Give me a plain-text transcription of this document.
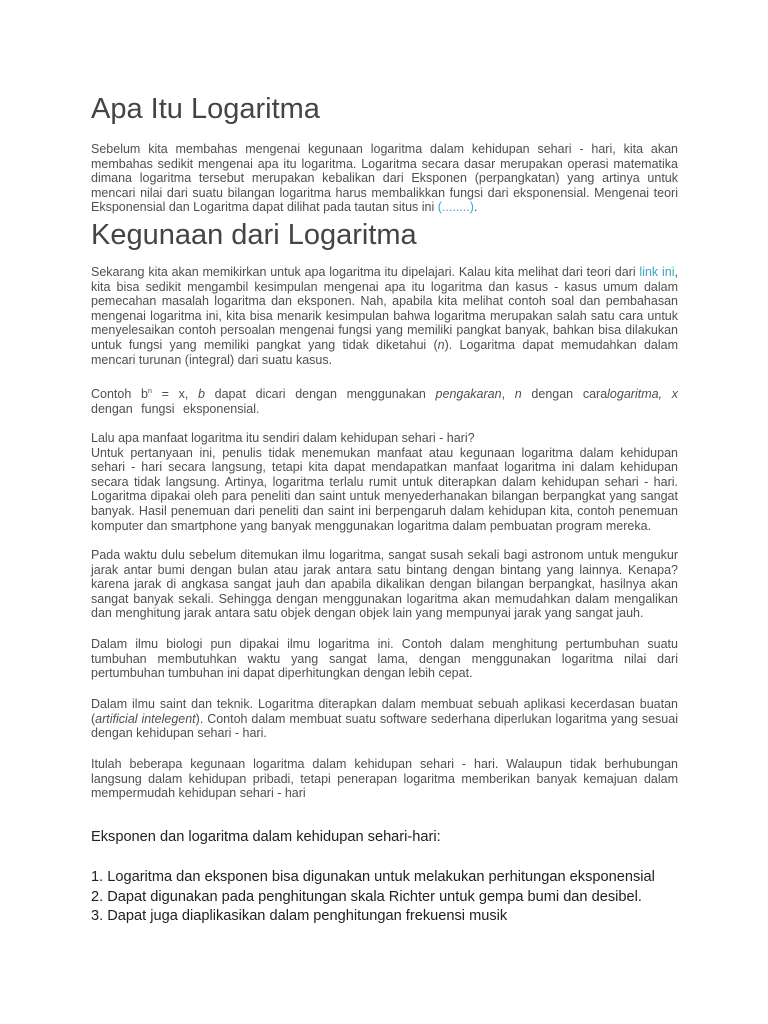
Apa Itu Logaritma

Sebelum kita membahas mengenai kegunaan logaritma dalam kehidupan sehari - hari, kita akan membahas sedikit mengenai apa itu logaritma. Logaritma secara dasar merupakan operasi matematika dimana logaritma tersebut merupakan kebalikan dari Eksponen (perpangkatan) yang artinya untuk mencari nilai dari suatu bilangan logaritma harus membalikkan fungsi dari eksponensial. Mengenai teori Eksponensial dan Logaritma dapat dilihat pada tautan situs ini (........).

Kegunaan dari Logaritma

Sekarang kita akan memikirkan untuk apa logaritma itu dipelajari. Kalau kita melihat dari teori dari link ini, kita bisa sedikit mengambil kesimpulan mengenai apa itu logaritma dan kasus - kasus umum dalam pemecahan masalah logaritma dan eksponen. Nah, apabila kita melihat contoh soal dan pembahasan mengenai logaritma ini, kita bisa menarik kesimpulan bahwa logaritma merupakan salah satu cara untuk menyelesaikan contoh persoalan mengenai fungsi yang memiliki pangkat banyak, bahkan bisa dilakukan untuk fungsi yang memiliki pangkat yang tidak diketahui (n). Logaritma dapat memudahkan dalam mencari turunan (integral) dari suatu kasus.

Contoh $b^n = x$, b dapat dicari dengan menggunakan pengakaran, n dengan caralogaritma, x dengan fungsi eksponensial.

Lalu apa manfaat logaritma itu sendiri dalam kehidupan sehari - hari?

Untuk pertanyaan ini, penulis tidak menemukan manfaat atau kegunaan logaritma dalam kehidupan sehari - hari secara langsung, tetapi kita dapat mendapatkan manfaat logaritma ini dalam kehidupan secara tidak langsung. Artinya, logaritma terlalu rumit untuk diterapkan dalam kehidupan sehari - hari. Logaritma dipakai oleh para peneliti dan saint untuk menyederhanakan bilangan berpangkat yang sangat banyak. Hasil penemuan dari peneliti dan saint ini berpengaruh dalam kehidupan kita, contoh penemuan komputer dan smartphone yang banyak menggunakan logaritma dalam pembuatan program mereka.

Pada waktu dulu sebelum ditemukan ilmu logaritma, sangat susah sekali bagi astronom untuk mengukur jarak antar bumi dengan bulan atau jarak antara satu bintang dengan bintang yang lainnya. Kenapa? karena jarak di angkasa sangat jauh dan apabila dikalikan dengan bilangan berpangkat, hasilnya akan sangat banyak sekali. Sehingga dengan menggunakan logaritma akan memudahkan dalam mengalikan dan menghitung jarak antara satu objek dengan objek lain yang mempunyai jarak yang sangat jauh.

Dalam ilmu biologi pun dipakai ilmu logaritma ini. Contoh dalam menghitung pertumbuhan suatu tumbuhan membutuhkan waktu yang sangat lama, dengan menggunakan logaritma nilai dari pertumbuhan tumbuhan ini dapat diperhitungkan dengan lebih cepat.

Dalam ilmu saint dan teknik. Logaritma diterapkan dalam membuat sebuah aplikasi kecerdasan buatan (artificial intelegent). Contoh dalam membuat suatu software sederhana diperlukan logaritma yang sesuai dengan kehidupan sehari - hari.

Itulah beberapa kegunaan logaritma dalam kehidupan sehari - hari. Walaupun tidak berhubungan langsung dalam kehidupan pribadi, tetapi penerapan logaritma memberikan banyak kemajuan dalam mempermudah kehidupan sehari - hari

Eksponen dan logaritma dalam kehidupan sehari-hari:

1. Logaritma dan eksponen bisa digunakan untuk melakukan perhitungan eksponensial

2. Dapat digunakan pada penghitungan skala Richter untuk gempa bumi dan desibel.

3. Dapat juga diaplikasikan dalam penghitungan frekuensi musik
